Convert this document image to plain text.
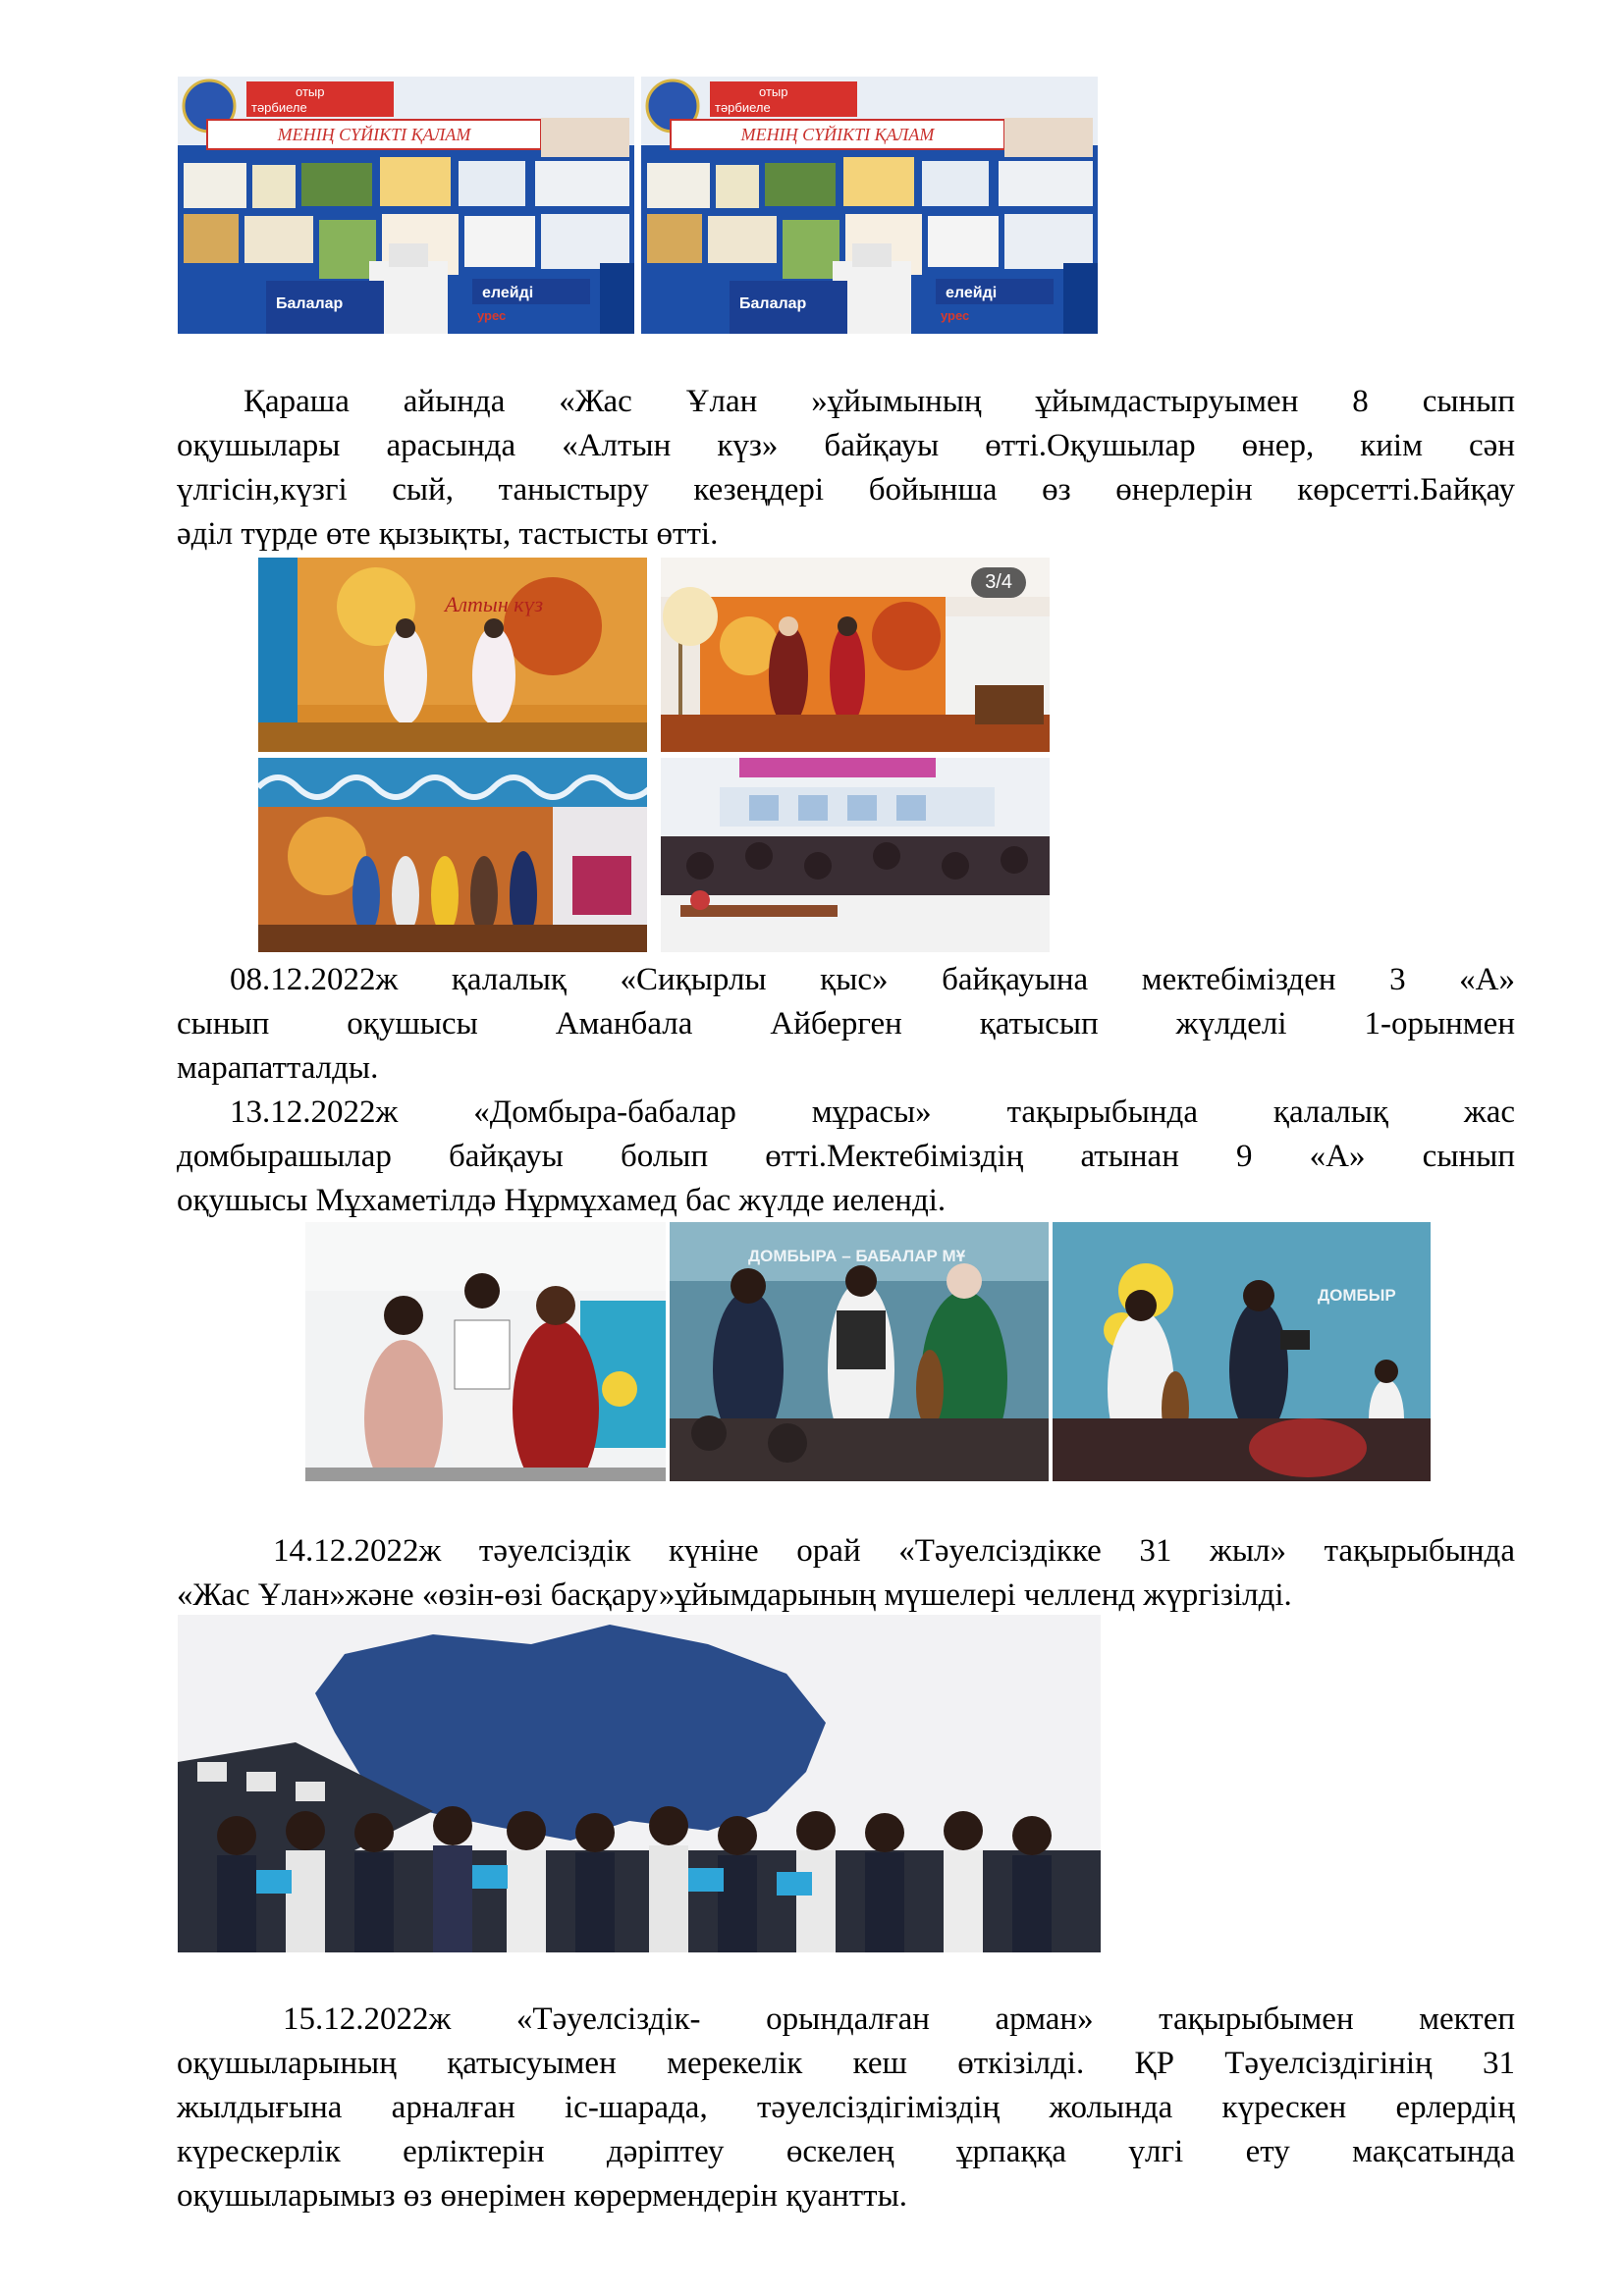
отыр
тәрбиеле
МЕНІҢ СҮЙІКТІ ҚАЛАМ
Балалар
елейді
урес
отыр
тәрбиеле
МЕНІҢ СҮЙІКТІ ҚАЛАМ
Балалар
елейді
урес
Қараша айында «Жас Ұлан »ұйымының ұйымдастыруымен 8 сынып
оқушылары арасында «Алтын күз» байқауы өтті.Оқушылар өнер, киім сән
үлгісін,күзгі сый, таныстыру кезеңдері бойынша өз өнерлерін көрсетті.Байқау
әділ түрде өте қызықты, тастысты өтті.
Алтын күз
3/4
08.12.2022ж қалалық «Сиқырлы қыс» байқауына мектебімізден 3 «А»
сынып оқушысы Аманбала Айберген қатысып жүлделі 1-орынмен
марапатталды.
13.12.2022ж «Домбыра-бабалар мұрасы» тақырыбында қалалық жас
домбырашылар байқауы болып өтті.Мектебіміздің атынан 9 «А» сынып
оқушысы Мұхаметілдә Нұрмұхамед бас жүлде иеленді.
ДОМБЫРА – БАБАЛАР МҰ
ДОМБЫР
14.12.2022ж тәуелсіздік күніне орай «Тәуелсіздікке 31 жыл» тақырыбында
«Жас Ұлан»және «өзін-өзі басқару»ұйымдарының мүшелері челленд жүргізілді.
15.12.2022ж «Тәуелсіздік- орындалған арман» тақырыбымен мектеп
оқушыларының қатысуымен мерекелік кеш өткізілді. ҚР Тәуелсіздігінің 31
жылдығына арналған іс-шарада, тәуелсіздігіміздің жолында күрескен ерлердің
күрескерлік ерліктерін дәріптеу өскелең ұрпаққа үлгі ету мақсатында
оқушыларымыз өз өнерімен көрермендерін қуантты.
